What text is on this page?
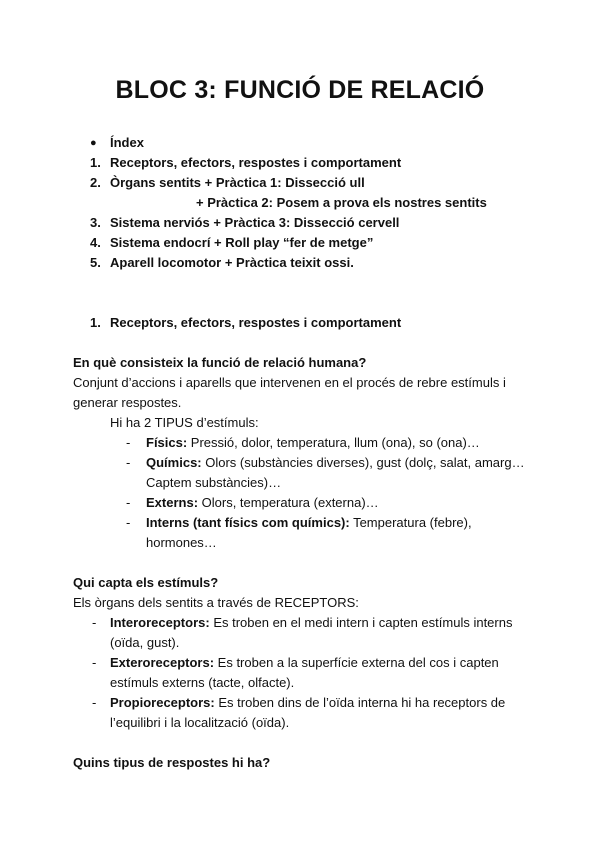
BLOC 3: FUNCIÓ DE RELACIÓ
● Índex
1. Receptors, efectors, respostes i comportament
2. Òrgans sentits + Pràctica 1: Dissecció ull
+ Pràctica 2: Posem a prova els nostres sentits
3. Sistema nerviós + Pràctica 3: Dissecció cervell
4. Sistema endocrí + Roll play “fer de metge”
5. Aparell locomotor + Pràctica teixit ossi.
1. Receptors, efectors, respostes i comportament
En què consisteix la funció de relació humana?
Conjunt d’accions i aparells que intervenen en el procés de rebre estímuls i
generar respostes.
Hi ha 2 TIPUS d’estímuls:
- Físics: Pressió, dolor, temperatura, llum (ona), so (ona)…
- Químics: Olors (substàncies diverses), gust (dolç, salat, amarg…
Captem substàncies)…
- Externs: Olors, temperatura (externa)…
- Interns (tant físics com químics): Temperatura (febre),
hormones…
Qui capta els estímuls?
Els òrgans dels sentits a través de RECEPTORS:
- Interoreceptors: Es troben en el medi intern i capten estímuls interns
(oïda, gust).
- Exteroreceptors: Es troben a la superfície externa del cos i capten
estímuls externs (tacte, olfacte).
- Propioreceptors: Es troben dins de l’oïda interna hi ha receptors de
l’equilibri i la localització (oïda).
Quins tipus de respostes hi ha?
